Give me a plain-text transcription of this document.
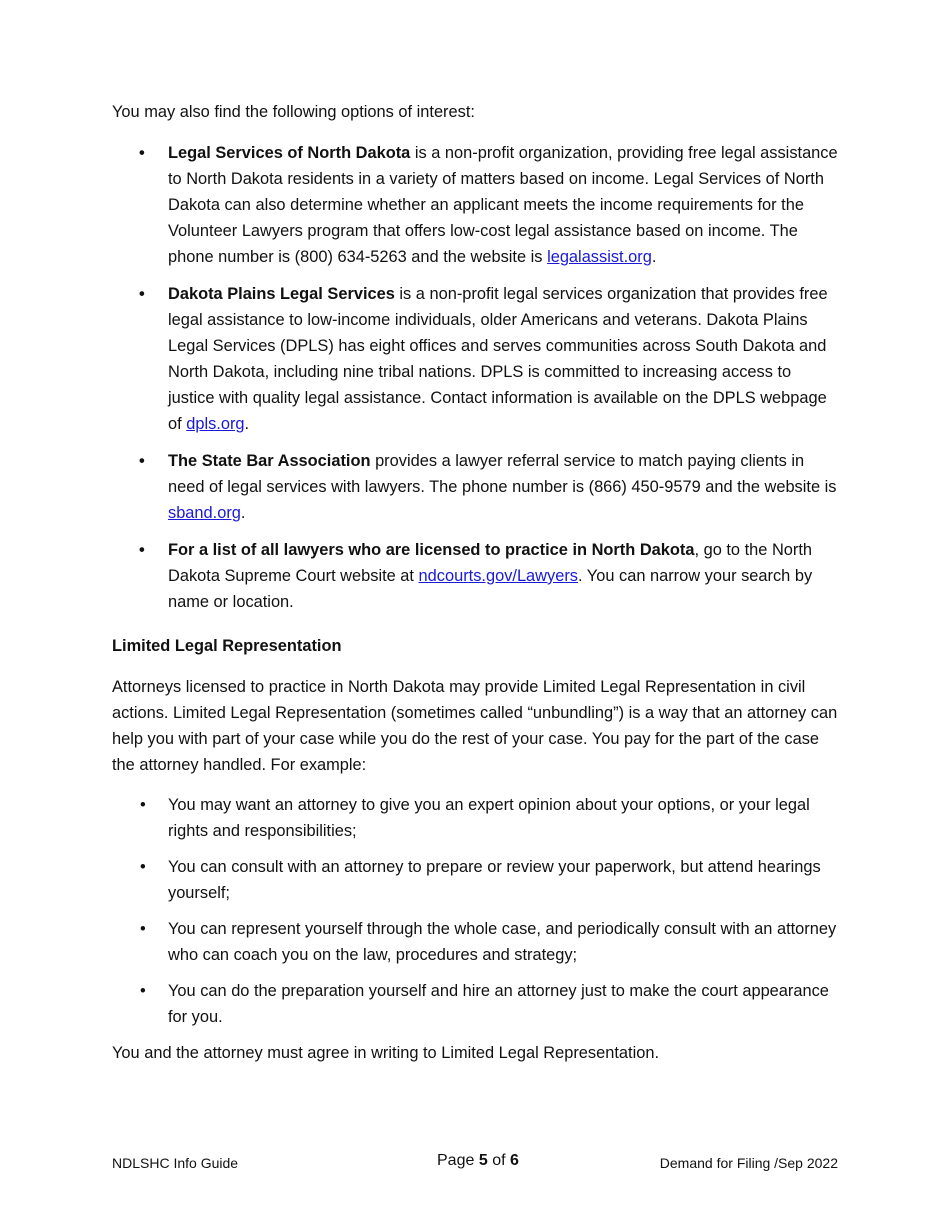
You may also find the following options of interest:

• Legal Services of North Dakota is a non-profit organization, providing free legal assistance to North Dakota residents in a variety of matters based on income. Legal Services of North Dakota can also determine whether an applicant meets the income requirements for the Volunteer Lawyers program that offers low-cost legal assistance based on income. The phone number is (800) 634-5263 and the website is legalassist.org.
• Dakota Plains Legal Services is a non-profit legal services organization that provides free legal assistance to low-income individuals, older Americans and veterans. Dakota Plains Legal Services (DPLS) has eight offices and serves communities across South Dakota and North Dakota, including nine tribal nations. DPLS is committed to increasing access to justice with quality legal assistance. Contact information is available on the DPLS webpage of dpls.org.
• The State Bar Association provides a lawyer referral service to match paying clients in need of legal services with lawyers. The phone number is (866) 450-9579 and the website is sband.org.
• For a list of all lawyers who are licensed to practice in North Dakota, go to the North Dakota Supreme Court website at ndcourts.gov/Lawyers. You can narrow your search by name or location.

Limited Legal Representation

Attorneys licensed to practice in North Dakota may provide Limited Legal Representation in civil actions. Limited Legal Representation (sometimes called “unbundling”) is a way that an attorney can help you with part of your case while you do the rest of your case. You pay for the part of the case the attorney handled. For example:

• You may want an attorney to give you an expert opinion about your options, or your legal rights and responsibilities;
• You can consult with an attorney to prepare or review your paperwork, but attend hearings yourself;
• You can represent yourself through the whole case, and periodically consult with an attorney who can coach you on the law, procedures and strategy;
• You can do the preparation yourself and hire an attorney just to make the court appearance for you.

You and the attorney must agree in writing to Limited Legal Representation.

NDLSHC Info Guide	Page 5 of 6	Demand for Filing /Sep 2022
